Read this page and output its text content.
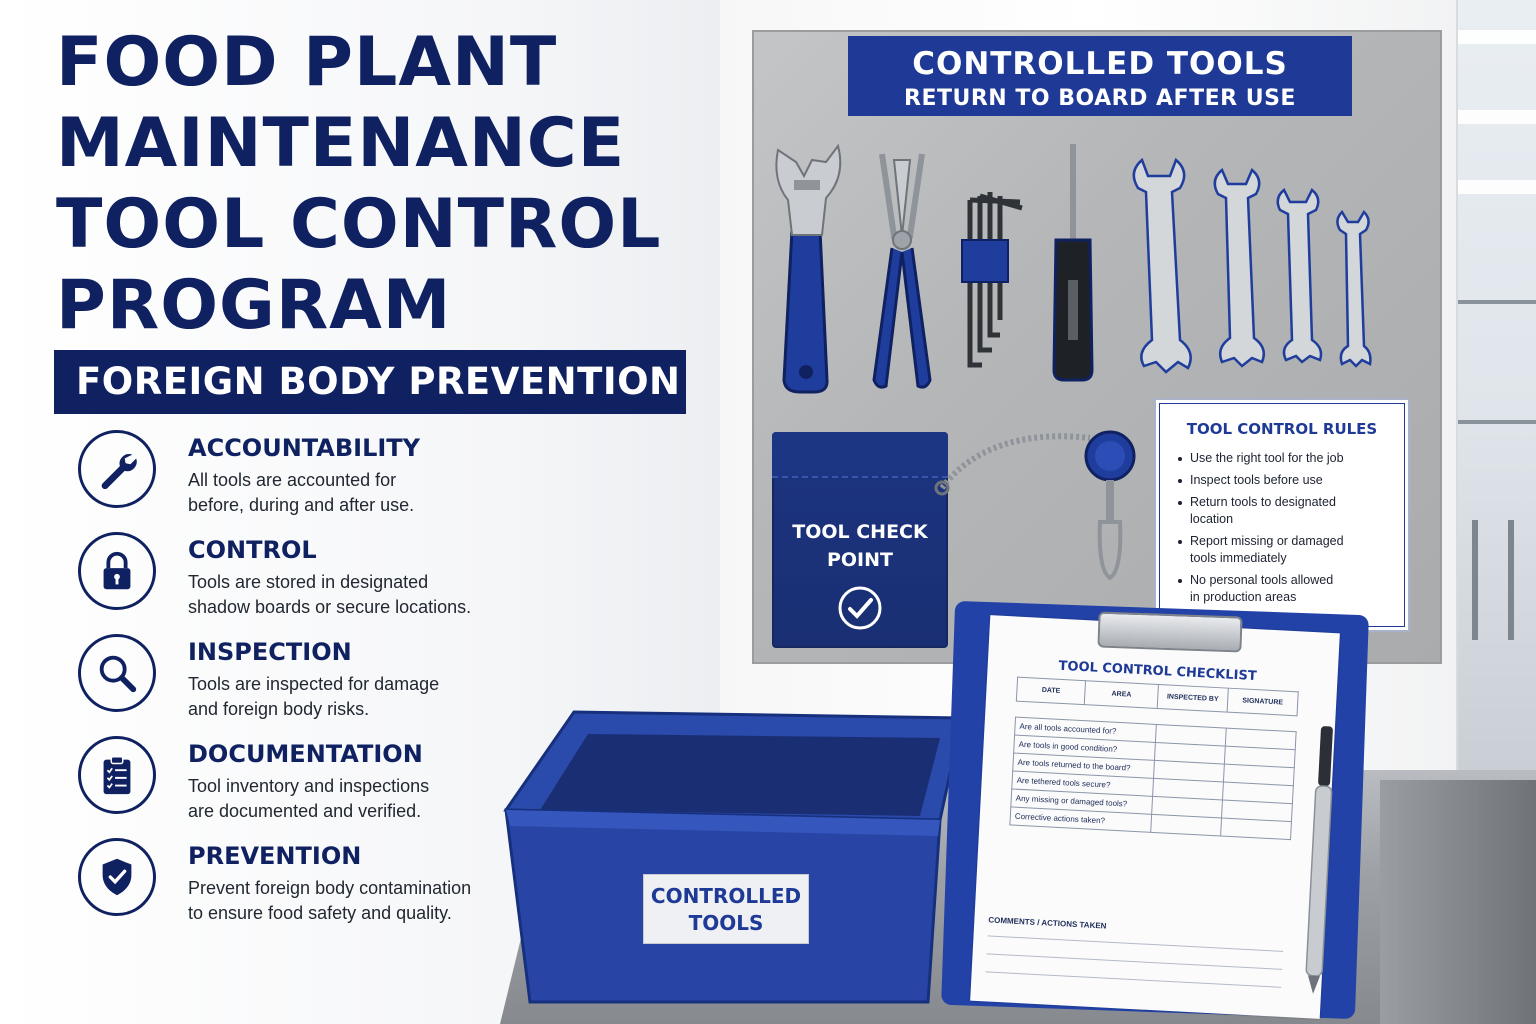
FOOD PLANT
MAINTENANCE
TOOL CONTROL
PROGRAM
FOREIGN BODY PREVENTION
ACCOUNTABILITY
All tools are accounted for
before, during and after use.
CONTROL
Tools are stored in designated
shadow boards or secure locations.
INSPECTION
Tools are inspected for damage
and foreign body risks.
DOCUMENTATION
Tool inventory and inspections
are documented and verified.
PREVENTION
Prevent foreign body contamination
to ensure food safety and quality.
CONTROLLED TOOLS
RETURN TO BOARD AFTER USE
TOOL CHECK
POINT
TOOL CONTROL RULES
Use the right tool for the job
Inspect tools before use
Return tools to designated
location
Report missing or damaged
tools immediately
No personal tools allowed
in production areas
CONTROLLED
TOOLS
TOOL CONTROL CHECKLIST
DATE	AREA	INSPECTED BY	SIGNATURE

Are all tools accounted for?			
Are tools in good condition?			
Are tools returned to the board?			
Are tethered tools secure?			
Any missing or damaged tools?			
Corrective actions taken?			
COMMENTS / ACTIONS TAKEN
